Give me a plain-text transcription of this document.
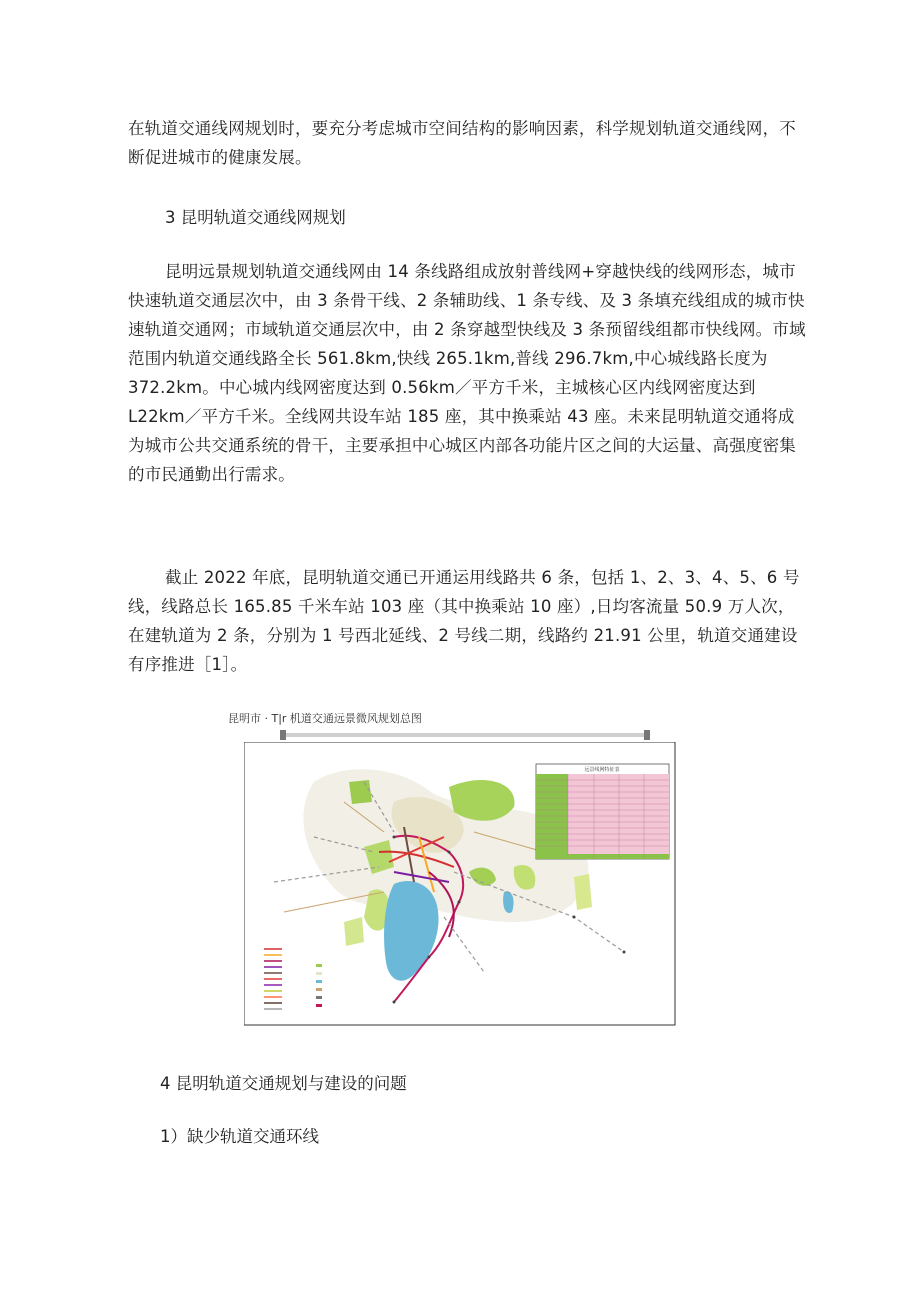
在轨道交通线网规划时，要充分考虑城市空间结构的影响因素，科学规划轨道交通线网，不断促进城市的健康发展。

3 昆明轨道交通线网规划

昆明远景规划轨道交通线网由 14 条线路组成放射普线网+穿越快线的线网形态，城市快速轨道交通层次中，由 3 条骨干线、2 条辅助线、1 条专线、及 3 条填充线组成的城市快速轨道交通网；市域轨道交通层次中，由 2 条穿越型快线及 3 条预留线组都市快线网。市域范围内轨道交通线路全长 561.8km,快线 265.1km,普线 296.7km,中心城线路长度为 372.2km。中心城内线网密度达到 0.56km／平方千米，主城核心区内线网密度达到 L22km／平方千米。全线网共设车站 185 座，其中换乘站 43 座。未来昆明轨道交通将成为城市公共交通系统的骨干，主要承担中心城区内部各功能片区之间的大运量、高强度密集的市民通勤出行需求。

截止 2022 年底，昆明轨道交通已开通运用线路共 6 条，包括 1、2、3、4、5、6 号线，线路总长 165.85 千米车站 103 座（其中换乘站 10 座）,日均客流量 50.9 万人次，在建轨道为 2 条，分别为 1 号西北延线、2 号线二期，线路约 21.91 公里，轨道交通建设有序推进［1］。

昆明市 · T|r 机道交通远景微风规划总图
远景线网特征表

4 昆明轨道交通规划与建设的问题

1）缺少轨道交通环线
